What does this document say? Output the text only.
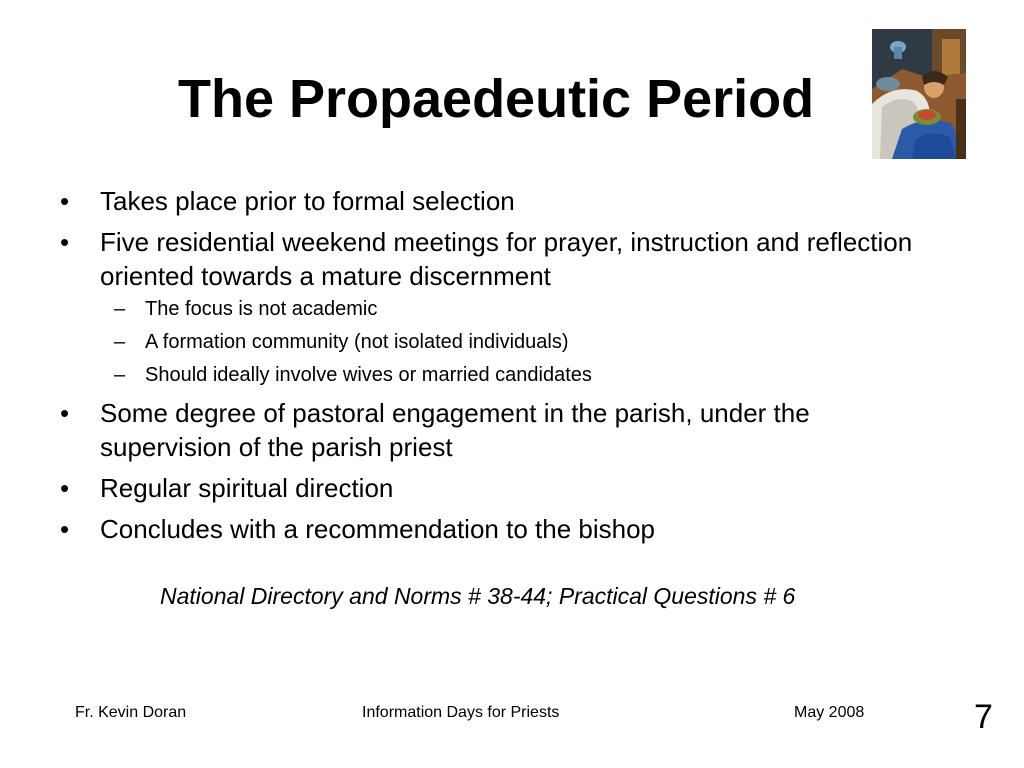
The Propaedeutic Period
• Takes place prior to formal selection
• Five residential weekend meetings for prayer, instruction and reflection oriented towards a mature discernment
– The focus is not academic
– A formation community (not isolated individuals)
– Should ideally involve wives or married candidates
• Some degree of pastoral engagement in the parish, under the supervision of the parish priest
• Regular spiritual direction
• Concludes with a recommendation to the bishop
National Directory and Norms # 38-44; Practical Questions # 6
Fr. Kevin Doran	Information Days for Priests	May 2008	7
